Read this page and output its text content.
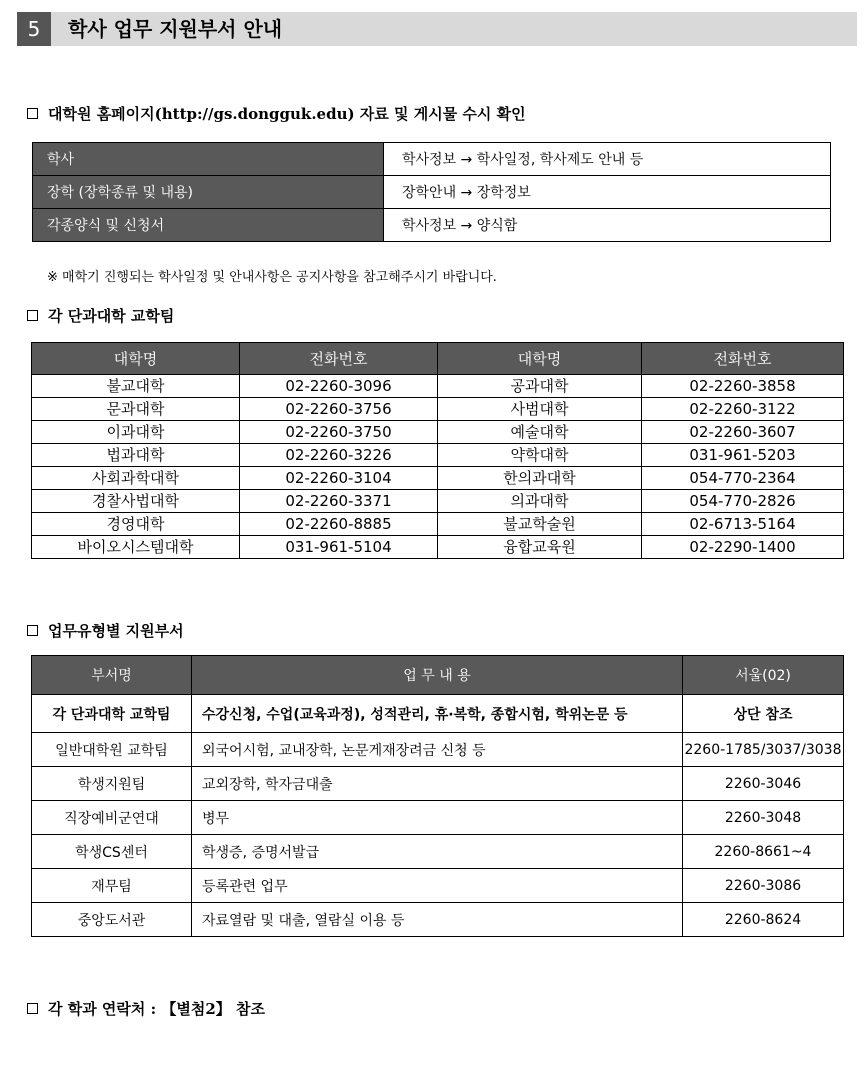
5	학사 업무 지원부서 안내
대학원 홈페이지(http://gs.dongguk.edu) 자료 및 게시물 수시 확인
학사	학사정보 → 학사일정, 학사제도 안내 등
장학 (장학종류 및 내용)	장학안내 → 장학정보
각종양식 및 신청서	학사정보 → 양식함
※ 매학기 진행되는 학사일정 및 안내사항은 공지사항을 참고해주시기 바랍니다.
각 단과대학 교학팀
대학명	전화번호	대학명	전화번호
불교대학	02-2260-3096	공과대학	02-2260-3858
문과대학	02-2260-3756	사범대학	02-2260-3122
이과대학	02-2260-3750	예술대학	02-2260-3607
법과대학	02-2260-3226	약학대학	031-961-5203
사회과학대학	02-2260-3104	한의과대학	054-770-2364
경찰사법대학	02-2260-3371	의과대학	054-770-2826
경영대학	02-2260-8885	불교학술원	02-6713-5164
바이오시스템대학	031-961-5104	융합교육원	02-2290-1400
업무유형별 지원부서
부서명	업 무 내 용	서울(02)
각 단과대학 교학팀	수강신청, 수업(교육과정), 성적관리, 휴·복학, 종합시험, 학위논문 등	상단 참조
일반대학원 교학팀	외국어시험, 교내장학, 논문게재장려금 신청 등	2260-1785/3037/3038
학생지원팀	교외장학, 학자금대출	2260-3046
직장예비군연대	병무	2260-3048
학생CS센터	학생증, 증명서발급	2260-8661~4
재무팀	등록관련 업무	2260-3086
중앙도서관	자료열람 및 대출, 열람실 이용 등	2260-8624
각 학과 연락처 : 【별첨2】 참조
